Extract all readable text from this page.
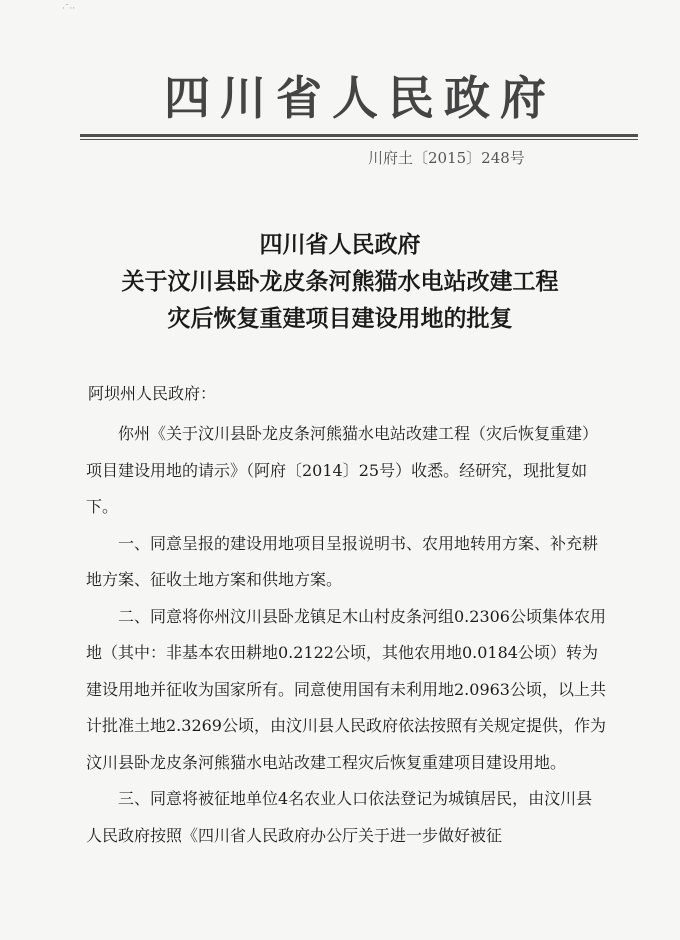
·˘··
四川省人民政府
川府土〔2015〕248号
四川省人民政府
关于汶川县卧龙皮条河熊猫水电站改建工程
灾后恢复重建项目建设用地的批复
阿坝州人民政府：

你州《关于汶川县卧龙皮条河熊猫水电站改建工程（灾后恢复重建）项目建设用地的请示》（阿府〔2014〕25号）收悉。经研究，现批复如下。

一、同意呈报的建设用地项目呈报说明书、农用地转用方案、补充耕地方案、征收土地方案和供地方案。

二、同意将你州汶川县卧龙镇足木山村皮条河组0.2306公顷集体农用地（其中：非基本农田耕地0.2122公顷，其他农用地0.0184公顷）转为建设用地并征收为国家所有。同意使用国有未利用地2.0963公顷，以上共计批准土地2.3269公顷，由汶川县人民政府依法按照有关规定提供，作为汶川县卧龙皮条河熊猫水电站改建工程灾后恢复重建项目建设用地。

三、同意将被征地单位4名农业人口依法登记为城镇居民，由汶川县人民政府按照《四川省人民政府办公厅关于进一步做好被征
